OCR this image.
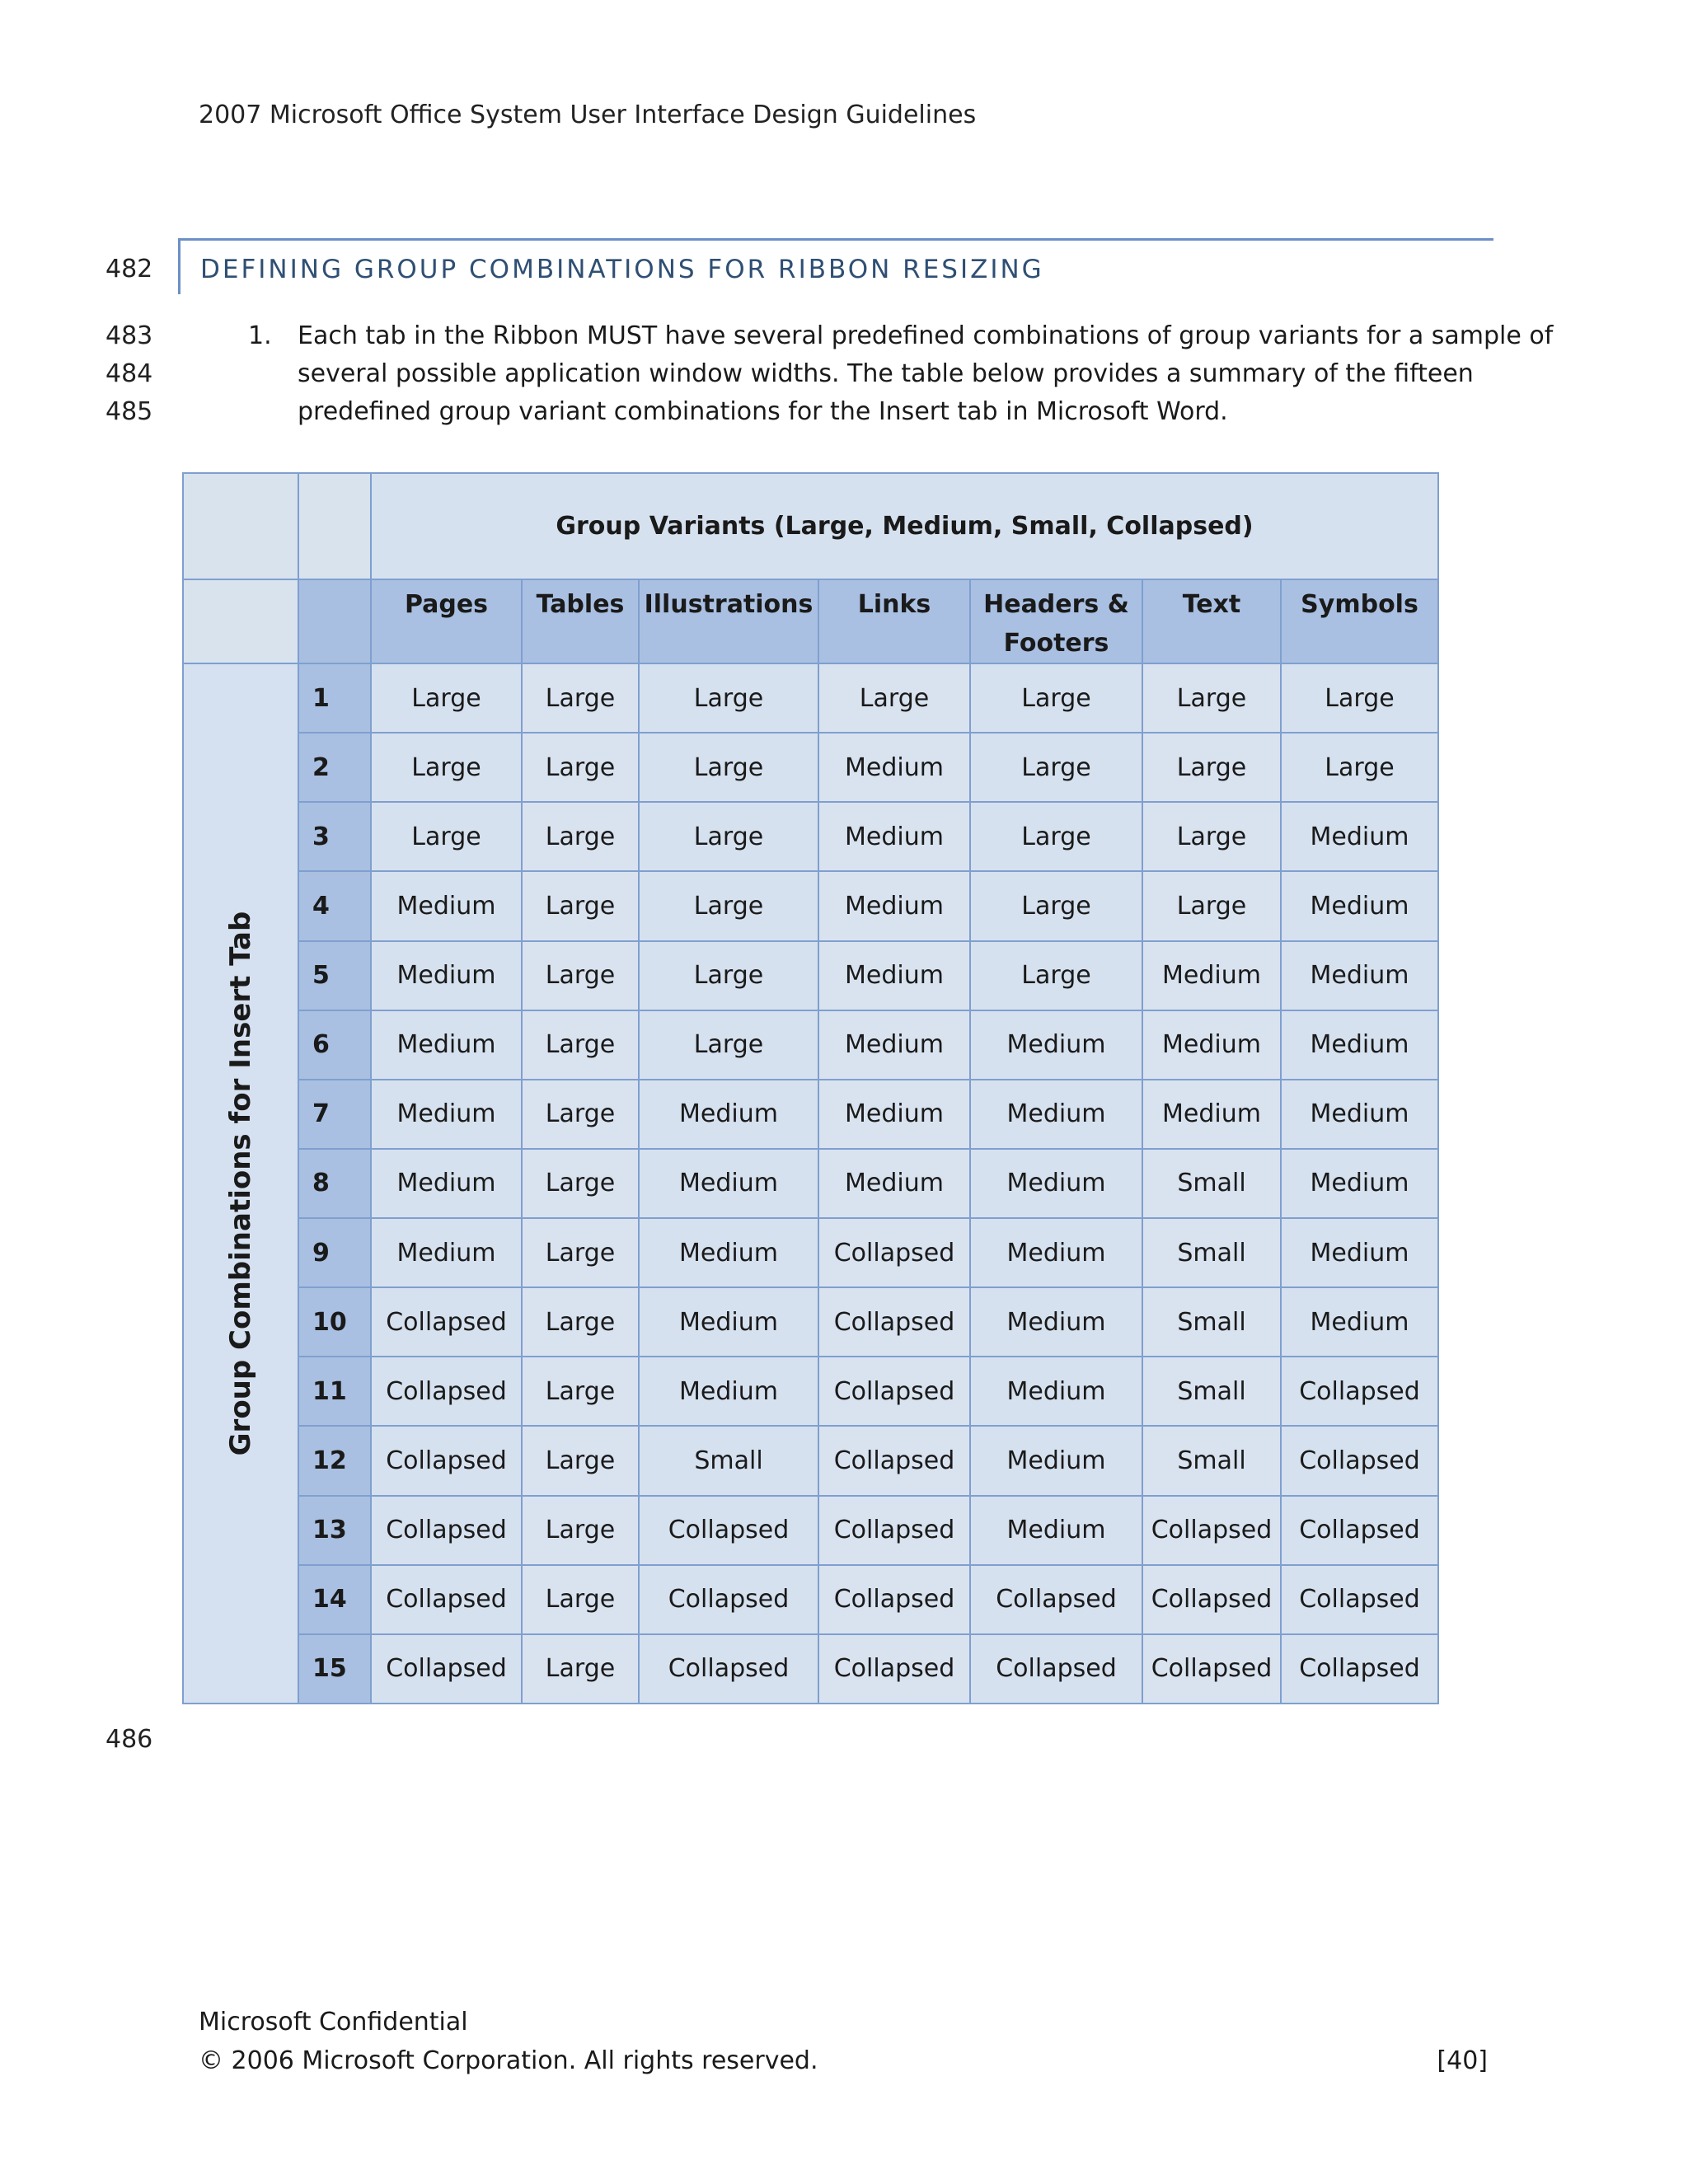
2007 Microsoft Office System User Interface Design Guidelines
482 DEFINING GROUP COMBINATIONS FOR RIBBON RESIZING
483
484
485
1. Each tab in the Ribbon MUST have several predefined combinations of group variants for a sample of
several possible application window widths. The table below provides a summary of the fifteen
predefined group variant combinations for the Insert tab in Microsoft Word.
		Group Variants (Large, Medium, Small, Collapsed)						
		Pages	Tables	Illustrations	Links	Headers & Footers	Text	Symbols

Group Combinations for Insert Tab	1	Large	Large	Large	Large	Large	Large	Large
	2	Large	Large	Large	Medium	Large	Large	Large
	3	Large	Large	Large	Medium	Large	Large	Medium
	4	Medium	Large	Large	Medium	Large	Large	Medium
	5	Medium	Large	Large	Medium	Large	Medium	Medium
	6	Medium	Large	Large	Medium	Medium	Medium	Medium
	7	Medium	Large	Medium	Medium	Medium	Medium	Medium
	8	Medium	Large	Medium	Medium	Medium	Small	Medium
	9	Medium	Large	Medium	Collapsed	Medium	Small	Medium
	10	Collapsed	Large	Medium	Collapsed	Medium	Small	Medium
	11	Collapsed	Large	Medium	Collapsed	Medium	Small	Collapsed
	12	Collapsed	Large	Small	Collapsed	Medium	Small	Collapsed
	13	Collapsed	Large	Collapsed	Collapsed	Medium	Collapsed	Collapsed
	14	Collapsed	Large	Collapsed	Collapsed	Collapsed	Collapsed	Collapsed
	15	Collapsed	Large	Collapsed	Collapsed	Collapsed	Collapsed	Collapsed
486
Microsoft Confidential
© 2006 Microsoft Corporation. All rights reserved.	[40]
